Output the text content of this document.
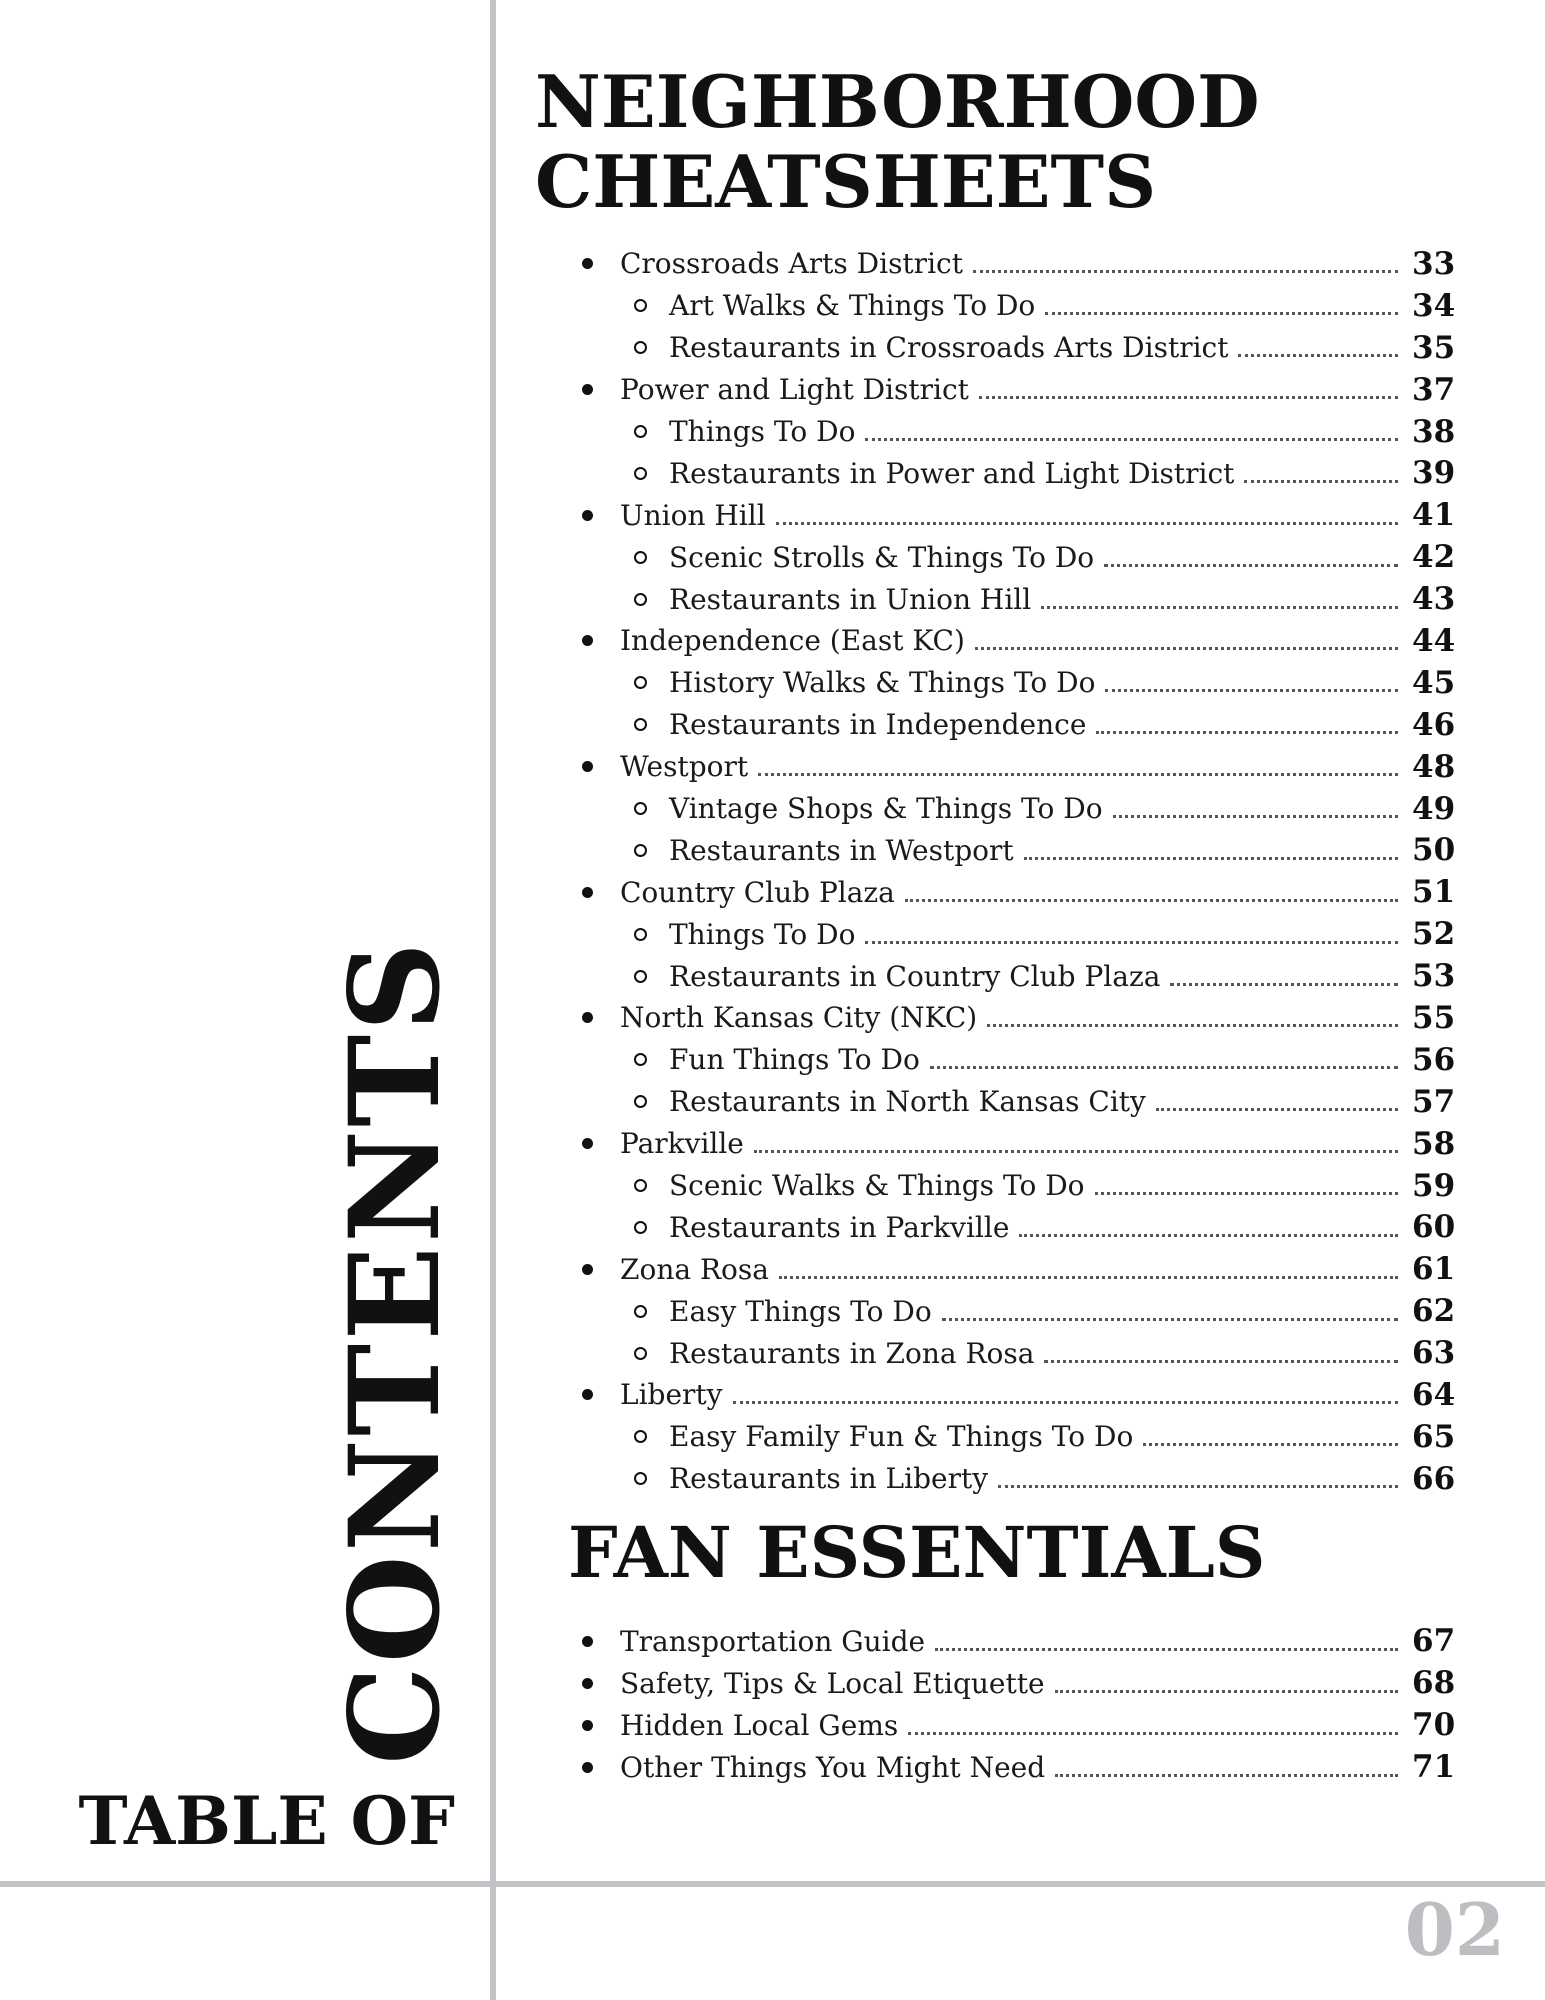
CONTENTS
TABLE OF
NEIGHBORHOOD
CHEATSHEETS
Crossroads Arts District	33
Art Walks & Things To Do	34
Restaurants in Crossroads Arts District	35
Power and Light District	37
Things To Do	38
Restaurants in Power and Light District	39
Union Hill	41
Scenic Strolls & Things To Do	42
Restaurants in Union Hill	43
Independence (East KC)	44
History Walks & Things To Do	45
Restaurants in Independence	46
Westport	48
Vintage Shops & Things To Do	49
Restaurants in Westport	50
Country Club Plaza	51
Things To Do	52
Restaurants in Country Club Plaza	53
North Kansas City (NKC)	55
Fun Things To Do	56
Restaurants in North Kansas City	57
Parkville	58
Scenic Walks & Things To Do	59
Restaurants in Parkville	60
Zona Rosa	61
Easy Things To Do	62
Restaurants in Zona Rosa	63
Liberty	64
Easy Family Fun & Things To Do	65
Restaurants in Liberty	66
FAN ESSENTIALS
Transportation Guide	67
Safety, Tips & Local Etiquette	68
Hidden Local Gems	70
Other Things You Might Need	71
02
